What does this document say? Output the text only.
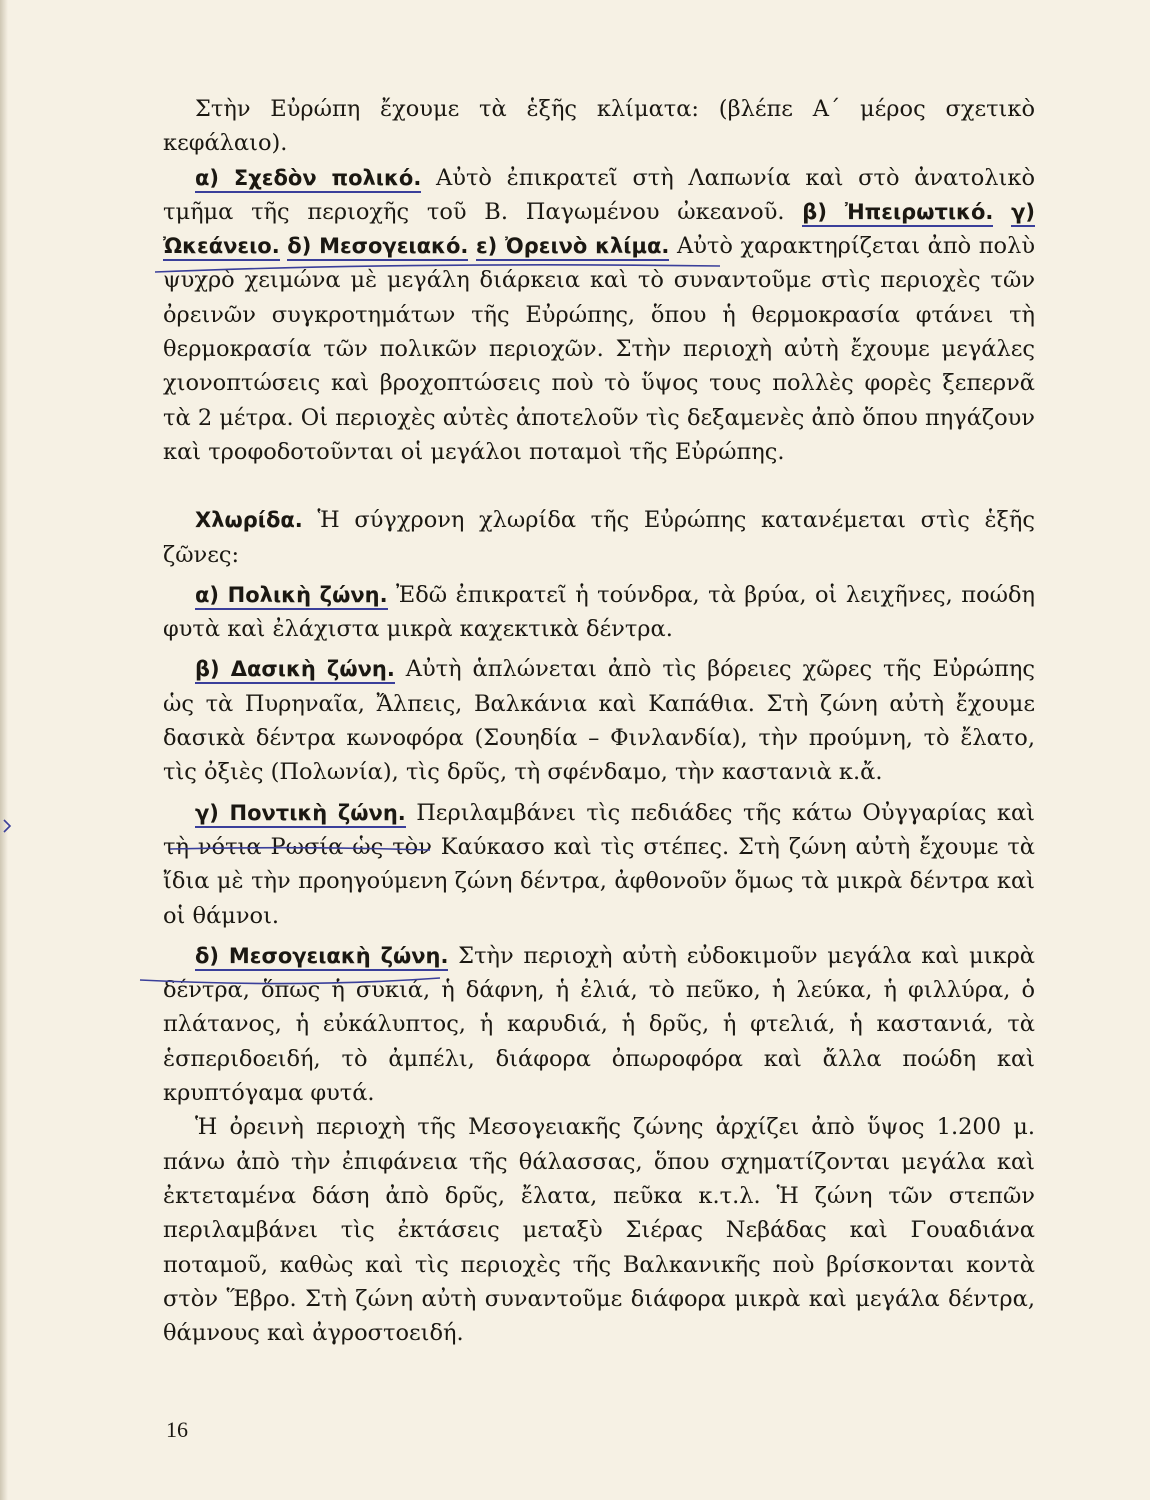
Στὴν Εὐρώπη ἔχουμε τὰ ἑξῆς κλίματα: (βλέπε Α΄ μέρος σχετικὸ κεφάλαιο).

α) Σχεδὸν πολικό. Αὐτὸ ἐπικρατεῖ στὴ Λαπωνία καὶ στὸ ἀνατολικὸ τμῆμα τῆς περιοχῆς τοῦ Β. Παγωμένου ὠκεανοῦ. β) Ἠπειρωτικό. γ) Ὠκεάνειο. δ) Μεσογειακό. ε) Ὀρεινὸ κλίμα. Αὐτὸ χαρακτηρίζεται ἀπὸ πολὺ ψυχρὸ χειμώνα μὲ μεγάλη διάρκεια καὶ τὸ συναντοῦμε στὶς περιοχὲς τῶν ὀρεινῶν συγκροτημάτων τῆς Εὐρώπης, ὅπου ἡ θερμοκρασία φτάνει τὴ θερμοκρασία τῶν πολικῶν περιοχῶν. Στὴν περιοχὴ αὐτὴ ἔχουμε μεγάλες χιονοπτώσεις καὶ βροχοπτώσεις ποὺ τὸ ὕψος τους πολλὲς φορὲς ξεπερνᾶ τὰ 2 μέτρα. Οἱ περιοχὲς αὐτὲς ἀποτελοῦν τὶς δεξαμενὲς ἀπὸ ὅπου πηγάζουν καὶ τροφοδοτοῦνται οἱ μεγάλοι ποταμοὶ τῆς Εὐρώπης.

Χλωρίδα. Ἡ σύγχρονη χλωρίδα τῆς Εὐρώπης κατανέμεται στὶς ἑξῆς ζῶνες:

α) Πολικὴ ζώνη. Ἐδῶ ἐπικρατεῖ ἡ τούνδρα, τὰ βρύα, οἱ λειχῆνες, ποώδη φυτὰ καὶ ἐλάχιστα μικρὰ καχεκτικὰ δέντρα.

β) Δασικὴ ζώνη. Αὐτὴ ἁπλώνεται ἀπὸ τὶς βόρειες χῶρες τῆς Εὐρώπης ὡς τὰ Πυρηναῖα, Ἄλπεις, Βαλκάνια καὶ Καπάθια. Στὴ ζώνη αὐτὴ ἔχουμε δασικὰ δέντρα κωνοφόρα (Σουηδία – Φινλανδία), τὴν προύμνη, τὸ ἔλατο, τὶς ὀξιὲς (Πολωνία), τὶς δρῦς, τὴ σφένδαμο, τὴν καστανιὰ κ.ἄ.

γ) Ποντικὴ ζώνη. Περιλαμβάνει τὶς πεδιάδες τῆς κάτω Οὐγγαρίας καὶ τὴ νότια Ρωσία ὡς τὸν Καύκασο καὶ τὶς στέπες. Στὴ ζώνη αὐτὴ ἔχουμε τὰ ἴδια μὲ τὴν προηγούμενη ζώνη δέντρα, ἀφθονοῦν ὅμως τὰ μικρὰ δέντρα καὶ οἱ θάμνοι.

δ) Μεσογειακὴ ζώνη. Στὴν περιοχὴ αὐτὴ εὐδοκιμοῦν μεγάλα καὶ μικρὰ δέντρα, ὅπως ἡ συκιά, ἡ δάφνη, ἡ ἐλιά, τὸ πεῦκο, ἡ λεύκα, ἡ φιλλύρα, ὁ πλάτανος, ἡ εὐκάλυπτος, ἡ καρυδιά, ἡ δρῦς, ἡ φτελιά, ἡ καστανιά, τὰ ἑσπεριδοειδή, τὸ ἀμπέλι, διάφορα ὀπωροφόρα καὶ ἄλλα ποώδη καὶ κρυπτόγαμα φυτά.

Ἡ ὀρεινὴ περιοχὴ τῆς Μεσογειακῆς ζώνης ἀρχίζει ἀπὸ ὕψος 1.200 μ. πάνω ἀπὸ τὴν ἐπιφάνεια τῆς θάλασσας, ὅπου σχηματίζονται μεγάλα καὶ ἐκτεταμένα δάση ἀπὸ δρῦς, ἔλατα, πεῦκα κ.τ.λ. Ἡ ζώνη τῶν στεπῶν περιλαμβάνει τὶς ἐκτάσεις μεταξὺ Σιέρας Νεβάδας καὶ Γουαδιάνα ποταμοῦ, καθὼς καὶ τὶς περιοχὲς τῆς Βαλκανικῆς ποὺ βρίσκονται κοντὰ στὸν Ἕβρο. Στὴ ζώνη αὐτὴ συναντοῦμε διάφορα μικρὰ καὶ μεγάλα δέντρα, θάμνους καὶ ἀγροστοειδή.

16
